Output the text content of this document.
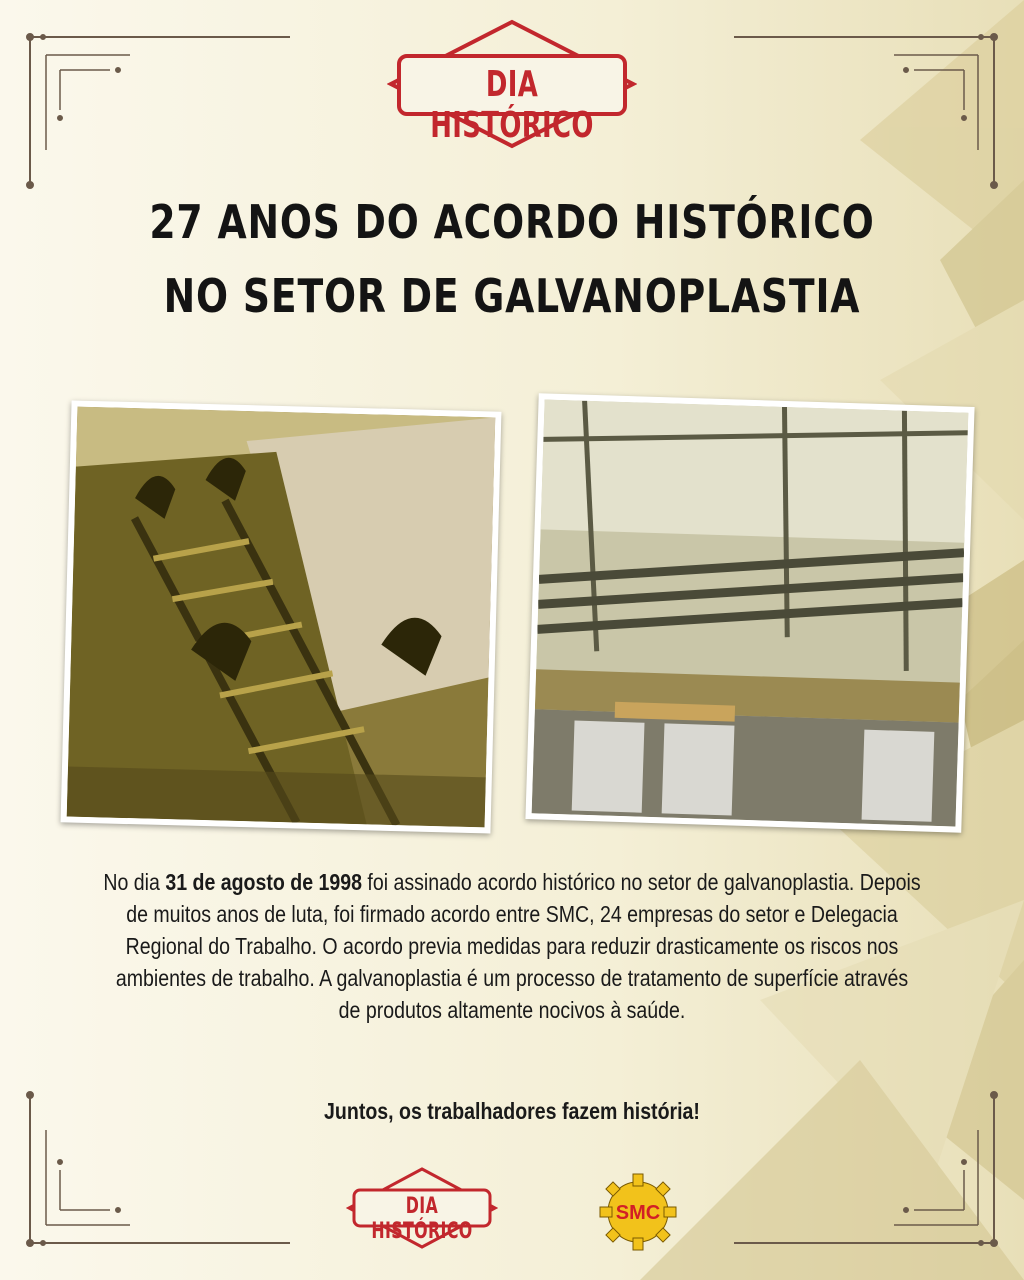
DIA HISTÓRICO
27 ANOS DO ACORDO HISTÓRICO
NO SETOR DE GALVANOPLASTIA
No dia 31 de agosto de 1998 foi assinado acordo histórico no setor de galvanoplastia. Depois de muitos anos de luta, foi firmado acordo entre SMC, 24 empresas do setor e Delegacia Regional do Trabalho. O acordo previa medidas para reduzir drasticamente os riscos nos ambientes de trabalho. A galvanoplastia é um processo de tratamento de superfície através de produtos altamente nocivos à saúde.
Juntos, os trabalhadores fazem história!
DIA HISTÓRICO
SMC
